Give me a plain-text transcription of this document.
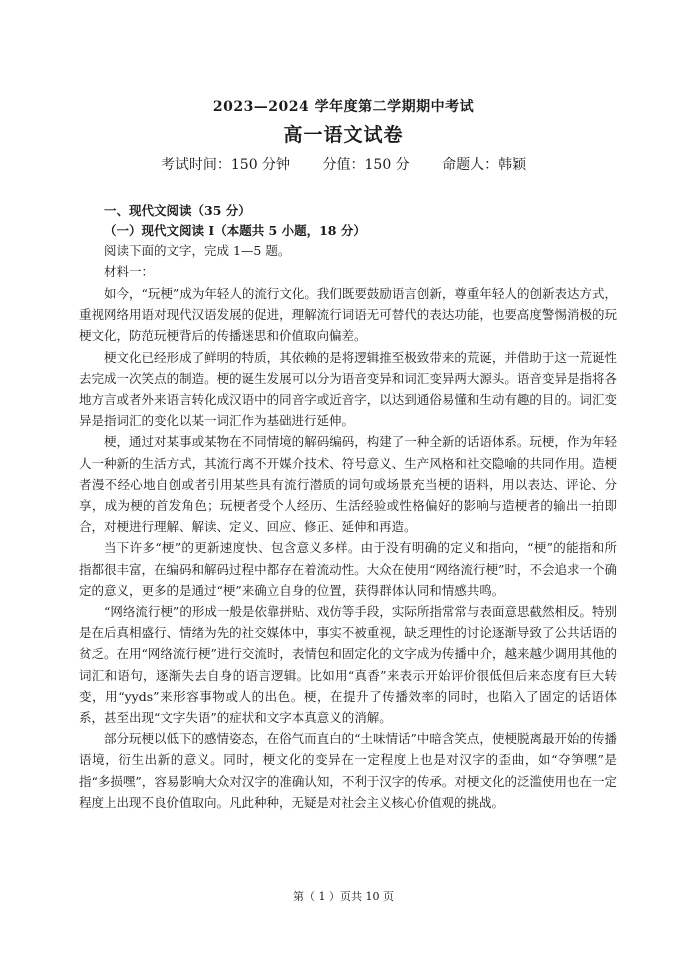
2023—2024 学年度第二学期期中考试
高一语文试卷
考试时间：150 分钟 分值：150 分 命题人：韩颖
一、现代文阅读（35 分）
（一）现代文阅读 I（本题共 5 小题，18 分）
阅读下面的文字，完成 1—5 题。
材料一：

如今，“玩梗”成为年轻人的流行文化。我们既要鼓励语言创新，尊重年轻人的创新表达方式，重视网络用语对现代汉语发展的促进，理解流行词语无可替代的表达功能，也要高度警惕消极的玩梗文化，防范玩梗背后的传播迷思和价值取向偏差。

梗文化已经形成了鲜明的特质，其依赖的是将逻辑推至极致带来的荒诞，并借助于这一荒诞性去完成一次笑点的制造。梗的诞生发展可以分为语音变异和词汇变异两大源头。语音变异是指将各地方言或者外来语言转化成汉语中的同音字或近音字，以达到通俗易懂和生动有趣的目的。词汇变异是指词汇的变化以某一词汇作为基础进行延伸。

梗，通过对某事或某物在不同情境的解码编码，构建了一种全新的话语体系。玩梗，作为年轻人一种新的生活方式，其流行离不开媒介技术、符号意义、生产风格和社交隐喻的共同作用。造梗者漫不经心地自创或者引用某些具有流行潜质的词句或场景充当梗的语料，用以表达、评论、分享，成为梗的首发角色；玩梗者受个人经历、生活经验或性格偏好的影响与造梗者的输出一拍即合，对梗进行理解、解读、定义、回应、修正、延伸和再造。

当下许多“梗”的更新速度快、包含意义多样。由于没有明确的定义和指向，“梗”的能指和所指都很丰富，在编码和解码过程中都存在着流动性。大众在使用“网络流行梗”时，不会追求一个确定的意义，更多的是通过“梗”来确立自身的位置，获得群体认同和情感共鸣。

“网络流行梗”的形成一般是依靠拼贴、戏仿等手段，实际所指常常与表面意思截然相反。特别是在后真相盛行、情绪为先的社交媒体中，事实不被重视，缺乏理性的讨论逐渐导致了公共话语的贫乏。在用“网络流行梗”进行交流时，表情包和固定化的文字成为传播中介，越来越少调用其他的词汇和语句，逐渐失去自身的语言逻辑。比如用“真香”来表示开始评价很低但后来态度有巨大转变，用“yyds”来形容事物或人的出色。梗，在提升了传播效率的同时，也陷入了固定的话语体系，甚至出现“文字失语”的症状和文字本真意义的消解。

部分玩梗以低下的感情姿态，在俗气而直白的“土味情话”中暗含笑点，使梗脱离最开始的传播语境，衍生出新的意义。同时，梗文化的变异在一定程度上也是对汉字的歪曲，如“夺笋嘿”是指“多损嘿”，容易影响大众对汉字的准确认知，不利于汉字的传承。对梗文化的泛滥使用也在一定程度上出现不良价值取向。凡此种种，无疑是对社会主义核心价值观的挑战。

第（ 1 ）页共 10 页
